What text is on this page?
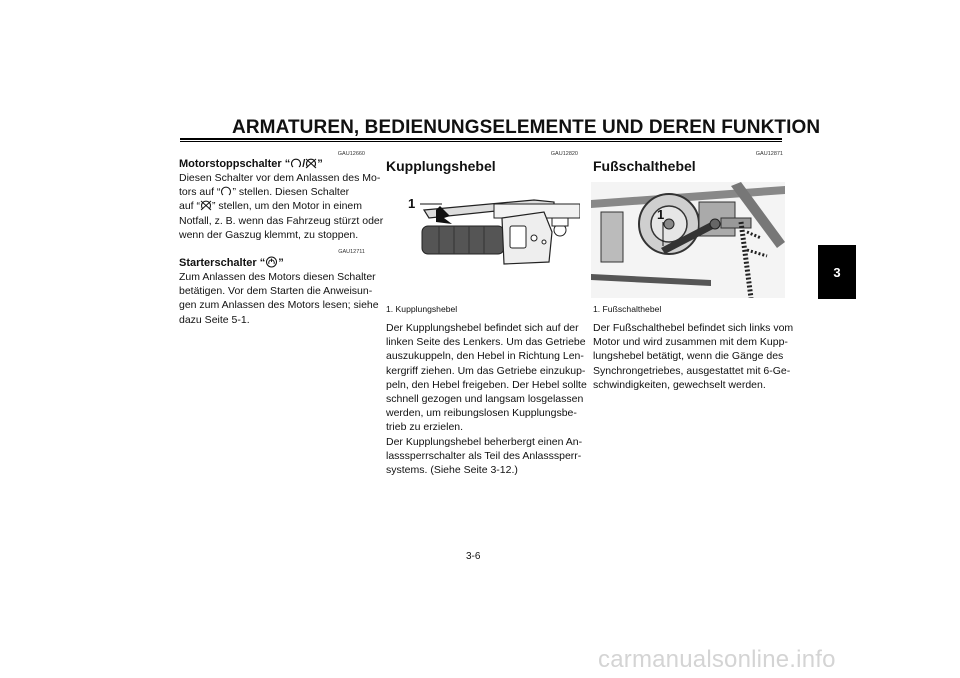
ARMATUREN, BEDIENUNGSELEMENTE UND DEREN FUNKTION
3
GAU12660
Motorstoppschalter “ / ”
Diesen Schalter vor dem Anlassen des Mo-
tors auf “ ” stellen. Diesen Schalter
auf “ ” stellen, um den Motor in einem
Notfall, z. B. wenn das Fahrzeug stürzt oder
wenn der Gaszug klemmt, zu stoppen.
GAU12711
Starterschalter “ ”
Zum Anlassen des Motors diesen Schalter
betätigen. Vor dem Starten die Anweisun-
gen zum Anlassen des Motors lesen; siehe
dazu Seite 5-1.
GAU12820
Kupplungshebel
1
1. Kupplungshebel
Der Kupplungshebel befindet sich auf der
linken Seite des Lenkers. Um das Getriebe
auszukuppeln, den Hebel in Richtung Len-
kergriff ziehen. Um das Getriebe einzukup-
peln, den Hebel freigeben. Der Hebel sollte
schnell gezogen und langsam losgelassen
werden, um reibungslosen Kupplungsbe-
trieb zu erzielen.
Der Kupplungshebel beherbergt einen An-
lasssperrschalter als Teil des Anlasssperr-
systems. (Siehe Seite 3-12.)
GAU12871
Fußschalthebel
1
1. Fußschalthebel
Der Fußschalthebel befindet sich links vom
Motor und wird zusammen mit dem Kupp-
lungshebel betätigt, wenn die Gänge des
Synchrongetriebes, ausgestattet mit 6-Ge-
schwindigkeiten, gewechselt werden.
3-6
carmanualsonline.info
